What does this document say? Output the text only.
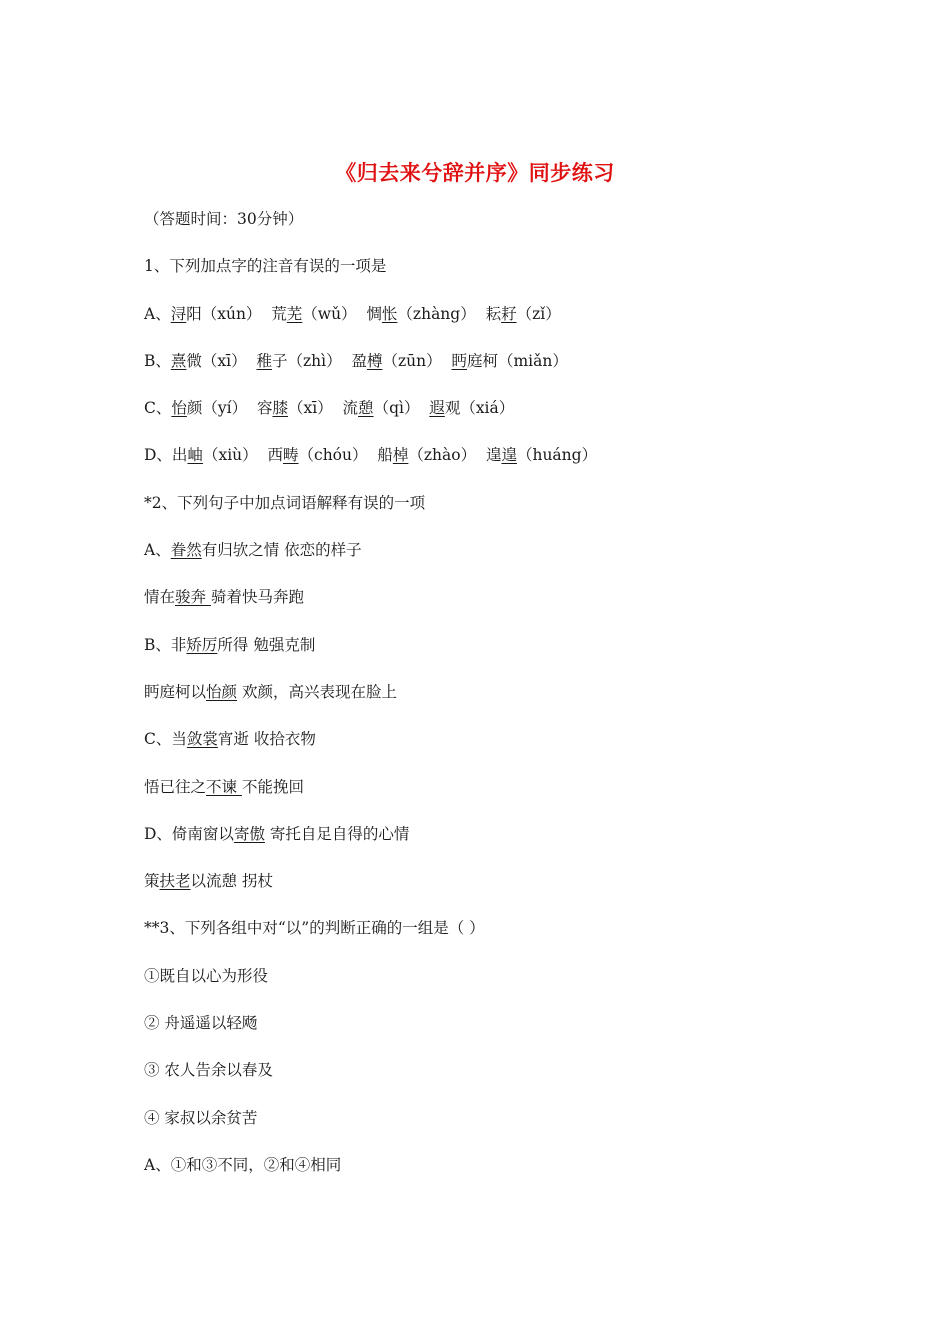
《归去来兮辞并序》同步练习
（答题时间：30分钟）
1、下列加点字的注音有误的一项是
A、浔阳（xún）  荒芜（wǔ）  惆怅（zhàng）  耘耔（zǐ）
B、熹微（xī）  稚子（zhì）  盈樽（zūn）  眄庭柯（miǎn）
C、怡颜（yí）  容膝（xī）  流憩（qì）  遐观（xiá）
D、出岫（xiù）  西畴（chóu）  船棹（zhào）  遑遑（huáng）
*2、下列句子中加点词语解释有误的一项
A、眷然有归欤之情 依恋的样子
情在骏奔 骑着快马奔跑
B、非矫厉所得 勉强克制
眄庭柯以怡颜 欢颜，高兴表现在脸上
C、当敛裳宵逝 收拾衣物
悟已往之不谏 不能挽回
D、倚南窗以寄傲 寄托自足自得的心情
策扶老以流憩 拐杖
**3、下列各组中对“以”的判断正确的一组是（ ）
①既自以心为形役
② 舟遥遥以轻飏
③ 农人告余以春及
④ 家叔以余贫苦
A、①和③不同，②和④相同
